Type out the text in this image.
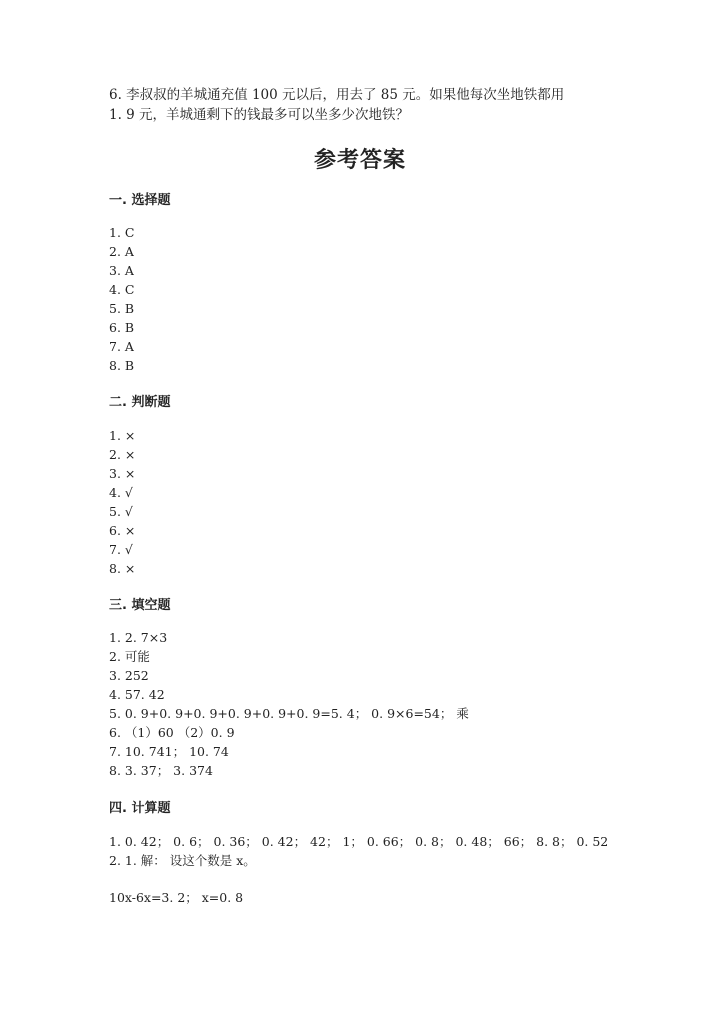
6. 李叔叔的羊城通充值 100 元以后，用去了 85 元。如果他每次坐地铁都用

1. 9 元，羊城通剩下的钱最多可以坐多少次地铁？

参考答案
一. 选择题
1. C
2. A
3. A
4. C
5. B
6. B
7. A
8. B
二. 判断题
1. ×
2. ×
3. ×
4. √
5. √
6. ×
7. √
8. ×
三. 填空题
1. 2. 7×3
2. 可能
3. 252
4. 57. 42
5. 0. 9+0. 9+0. 9+0. 9+0. 9+0. 9=5. 4； 0. 9×6=54； 乘
6. （1）60 （2）0. 9
7. 10. 741； 10. 74
8. 3. 37； 3. 374
四. 计算题
1. 0. 42； 0. 6； 0. 36； 0. 42； 42； 1； 0. 66； 0. 8； 0. 48； 66； 8. 8； 0. 52
2. 1. 解： 设这个数是 x。
10x-6x=3. 2； x=0. 8
